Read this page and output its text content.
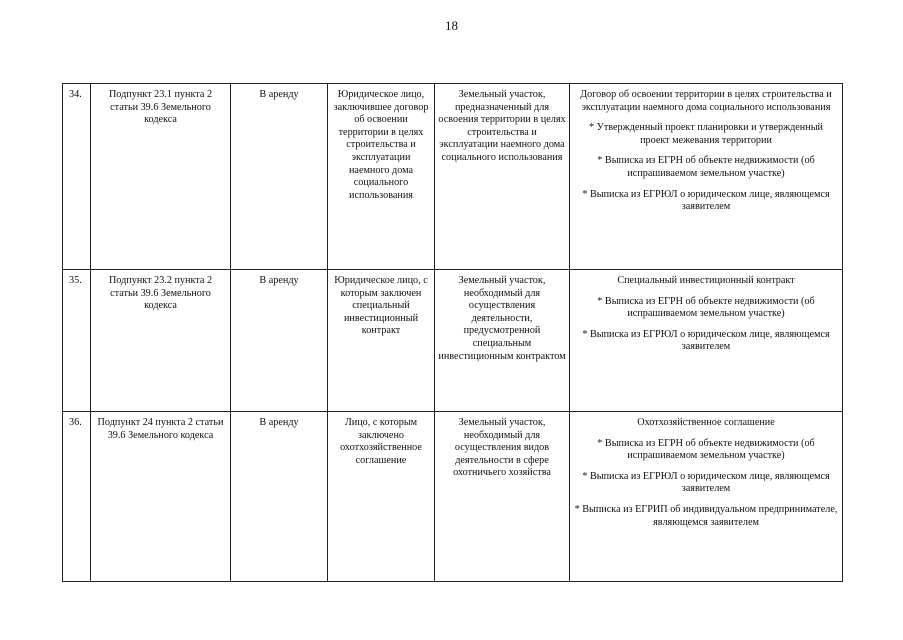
18
34.	Подпункт 23.1 пункта 2 статьи 39.6 Земельного кодекса	В аренду	Юридическое лицо, заключившее договор об освоении территории в целях строительства и эксплуатации наемного дома социального использования	Земельный участок, предназначенный для освоения территории в целях строительства и эксплуатации наемного дома социального использования	Договор об освоении территории в целях строительства и эксплуатации наемного дома социального использования

* Утвержденный проект планировки и утвержденный проект межевания территории

* Выписка из ЕГРН об объекте недвижимости (об испрашиваемом земельном участке)

* Выписка из ЕГРЮЛ о юридическом лице, являющемся заявителем

35.	Подпункт 23.2 пункта 2 статьи 39.6 Земельного кодекса	В аренду	Юридическое лицо, с которым заключен специальный инвестиционный контракт	Земельный участок, необходимый для осуществления деятельности, предусмотренной специальным инвестиционным контрактом	Специальный инвестиционный контракт

* Выписка из ЕГРН об объекте недвижимости (об испрашиваемом земельном участке)

* Выписка из ЕГРЮЛ о юридическом лице, являющемся заявителем

36.	Подпункт 24 пункта 2 статьи 39.6 Земельного кодекса	В аренду	Лицо, с которым заключено охотхозяйственное соглашение	Земельный участок, необходимый для осуществления видов деятельности в сфере охотничьего хозяйства	Охотхозяйственное соглашение

* Выписка из ЕГРН об объекте недвижимости (об испрашиваемом земельном участке)

* Выписка из ЕГРЮЛ о юридическом лице, являющемся заявителем

* Выписка из ЕГРИП об индивидуальном предпринимателе, являющемся заявителем
